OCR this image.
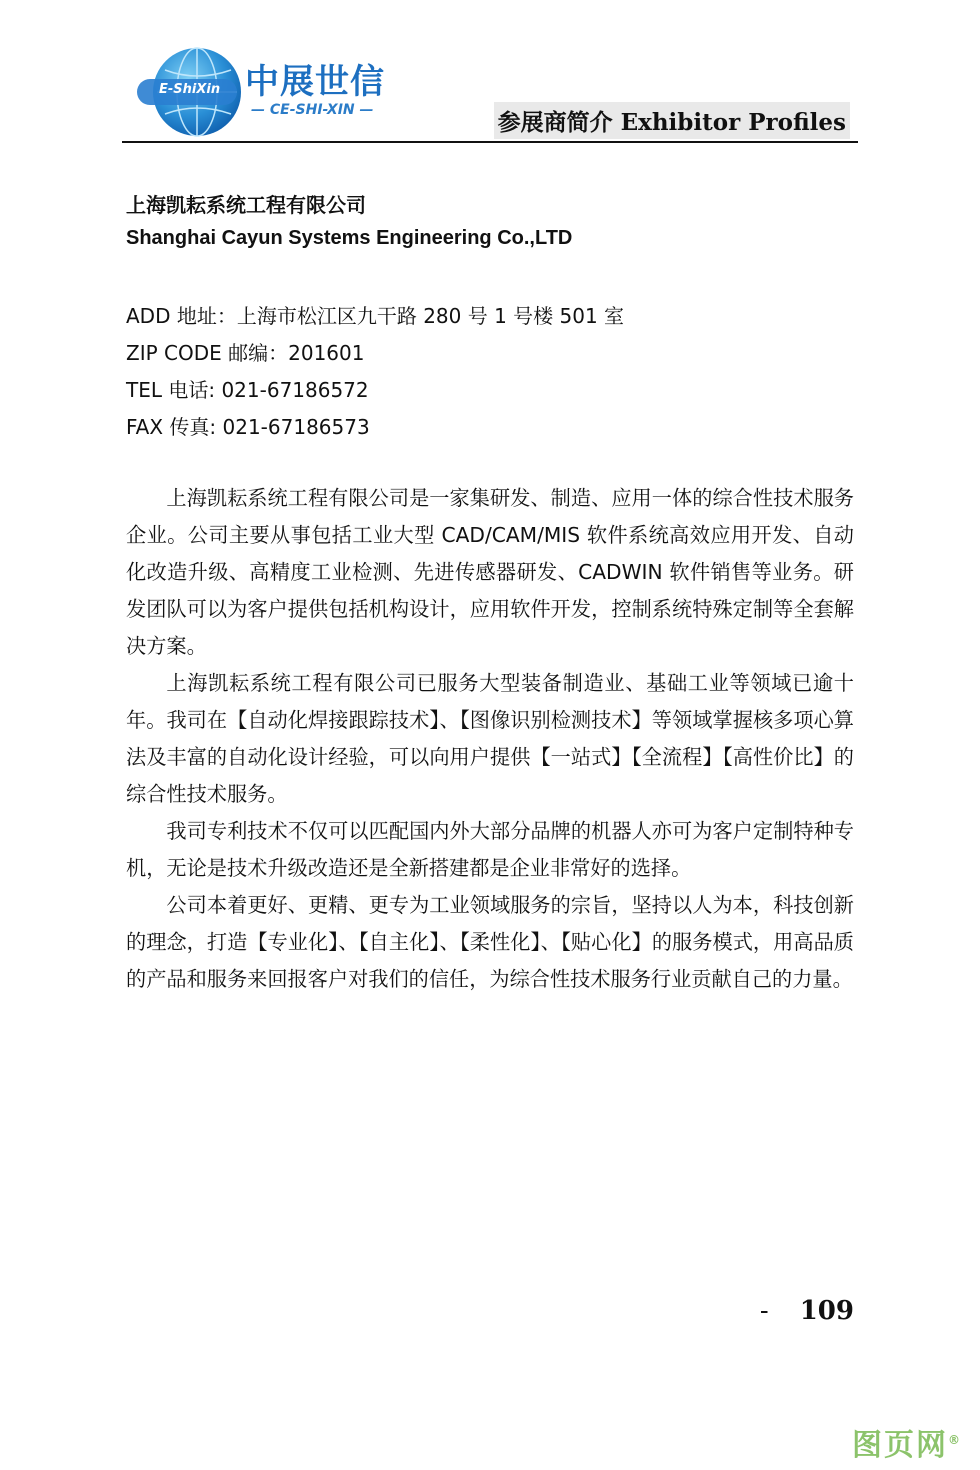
E-ShiXin 中展世信
— CE-SHI-XIN —	参展商简介 Exhibitor Profiles
上海凯耘系统工程有限公司
Shanghai Cayun Systems Engineering Co.,LTD
ADD 地址：上海市松江区九干路 280 号 1 号楼 501 室
ZIP CODE 邮编：201601
TEL 电话: 021-67186572
FAX 传真: 021-67186573

上海凯耘系统工程有限公司是一家集研发、制造、应用一体的综合性技术服务企业。公司主要从事包括工业大型 CAD/CAM/MIS 软件系统高效应用开发、自动化改造升级、高精度工业检测、先进传感器研发、CADWIN 软件销售等业务。研发团队可以为客户提供包括机构设计，应用软件开发，控制系统特殊定制等全套解决方案。

上海凯耘系统工程有限公司已服务大型装备制造业、基础工业等领域已逾十年。我司在【自动化焊接跟踪技术】、【图像识别检测技术】等领域掌握核多项心算法及丰富的自动化设计经验，可以向用户提供【一站式】【全流程】【高性价比】的综合性技术服务。

我司专利技术不仅可以匹配国内外大部分品牌的机器人亦可为客户定制特种专机，无论是技术升级改造还是全新搭建都是企业非常好的选择。

公司本着更好、更精、更专为工业领域服务的宗旨，坚持以人为本，科技创新的理念，打造【专业化】、【自主化】、【柔性化】、【贴心化】的服务模式，用高品质的产品和服务来回报客户对我们的信任，为综合性技术服务行业贡献自己的力量。

- 109
图页网®
